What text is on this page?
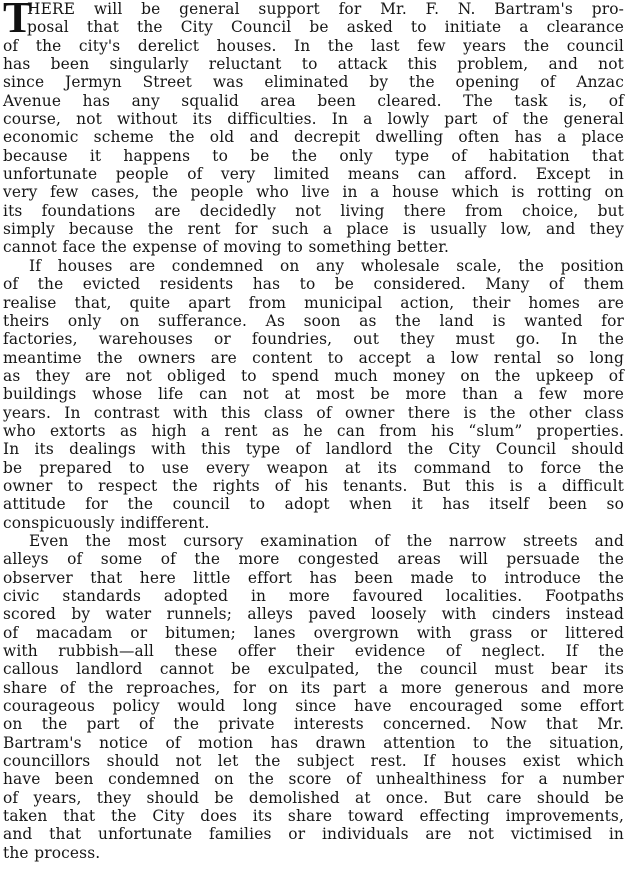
T
HERE will be general support for Mr. F. N. Bartram's pro-
posal that the City Council be asked to initiate a clearance
of the city's derelict houses. In the last few years the council
has been singularly reluctant to attack this problem, and not
since Jermyn Street was eliminated by the opening of Anzac
Avenue has any squalid area been cleared. The task is, of
course, not without its difficulties. In a lowly part of the general
economic scheme the old and decrepit dwelling often has a place
because it happens to be the only type of habitation that
unfortunate people of very limited means can afford. Except in
very few cases, the people who live in a house which is rotting on
its foundations are decidedly not living there from choice, but
simply because the rent for such a place is usually low, and they
cannot face the expense of moving to something better.
If houses are condemned on any wholesale scale, the position
of the evicted residents has to be considered. Many of them
realise that, quite apart from municipal action, their homes are
theirs only on sufferance. As soon as the land is wanted for
factories, warehouses or foundries, out they must go. In the
meantime the owners are content to accept a low rental so long
as they are not obliged to spend much money on the upkeep of
buildings whose life can not at most be more than a few more
years. In contrast with this class of owner there is the other class
who extorts as high a rent as he can from his “slum” properties.
In its dealings with this type of landlord the City Council should
be prepared to use every weapon at its command to force the
owner to respect the rights of his tenants. But this is a difficult
attitude for the council to adopt when it has itself been so
conspicuously indifferent.
Even the most cursory examination of the narrow streets and
alleys of some of the more congested areas will persuade the
observer that here little effort has been made to introduce the
civic standards adopted in more favoured localities. Footpaths
scored by water runnels; alleys paved loosely with cinders instead
of macadam or bitumen; lanes overgrown with grass or littered
with rubbish—all these offer their evidence of neglect. If the
callous landlord cannot be exculpated, the council must bear its
share of the reproaches, for on its part a more generous and more
courageous policy would long since have encouraged some effort
on the part of the private interests concerned. Now that Mr.
Bartram's notice of motion has drawn attention to the situation,
councillors should not let the subject rest. If houses exist which
have been condemned on the score of unhealthiness for a number
of years, they should be demolished at once. But care should be
taken that the City does its share toward effecting improvements,
and that unfortunate families or individuals are not victimised in
the process.
